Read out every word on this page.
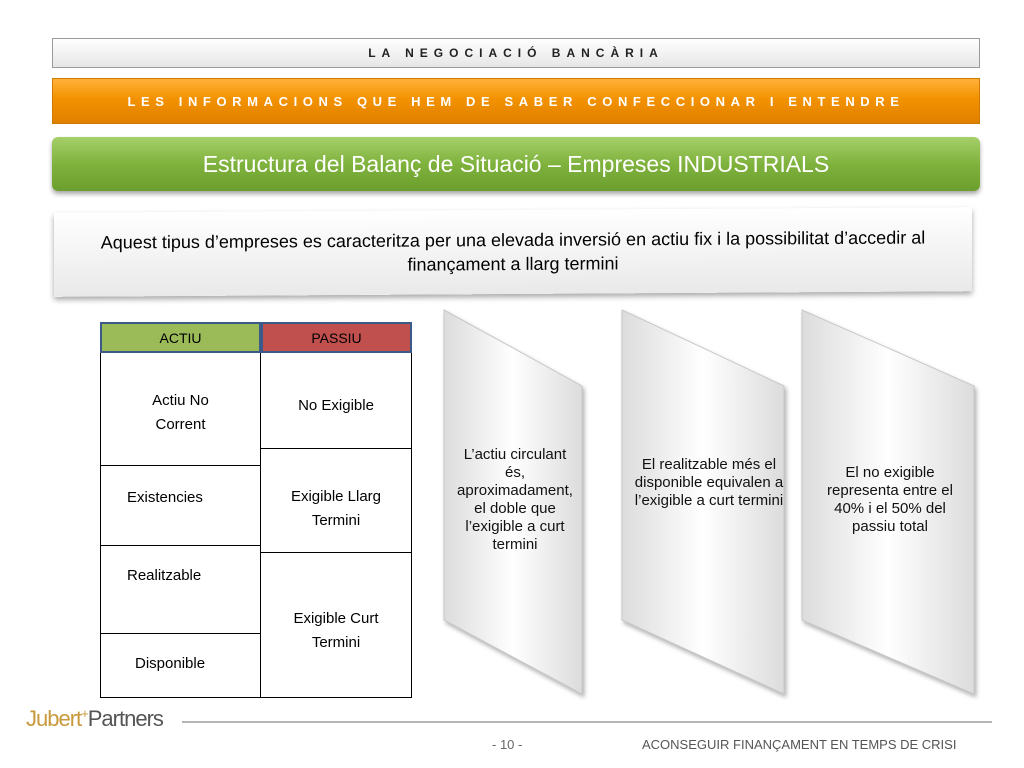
LA NEGOCIACIÓ BANCÀRIA
LES INFORMACIONS QUE HEM DE SABER CONFECCIONAR I ENTENDRE
Estructura del Balanç de Situació – Empreses INDUSTRIALS
Aquest tipus d’empreses es caracteritza per una elevada inversió en actiu fix i la possibilitat d’accedir al finançament a llarg termini
ACTIU	PASSIU
Actiu No Corrent
Existencies
Realitzable
Disponible
No Exigible
Exigible Llarg Termini
Exigible Curt Termini
L’actiu circulant és, aproximadament, el doble que l’exigible a curt termini
El realitzable més el disponible equivalen a l’exigible a curt termini
El no exigible representa entre el 40% i el 50% del passiu total
Jubert+Partners
- 10 -	ACONSEGUIR FINANÇAMENT EN TEMPS DE CRISI
